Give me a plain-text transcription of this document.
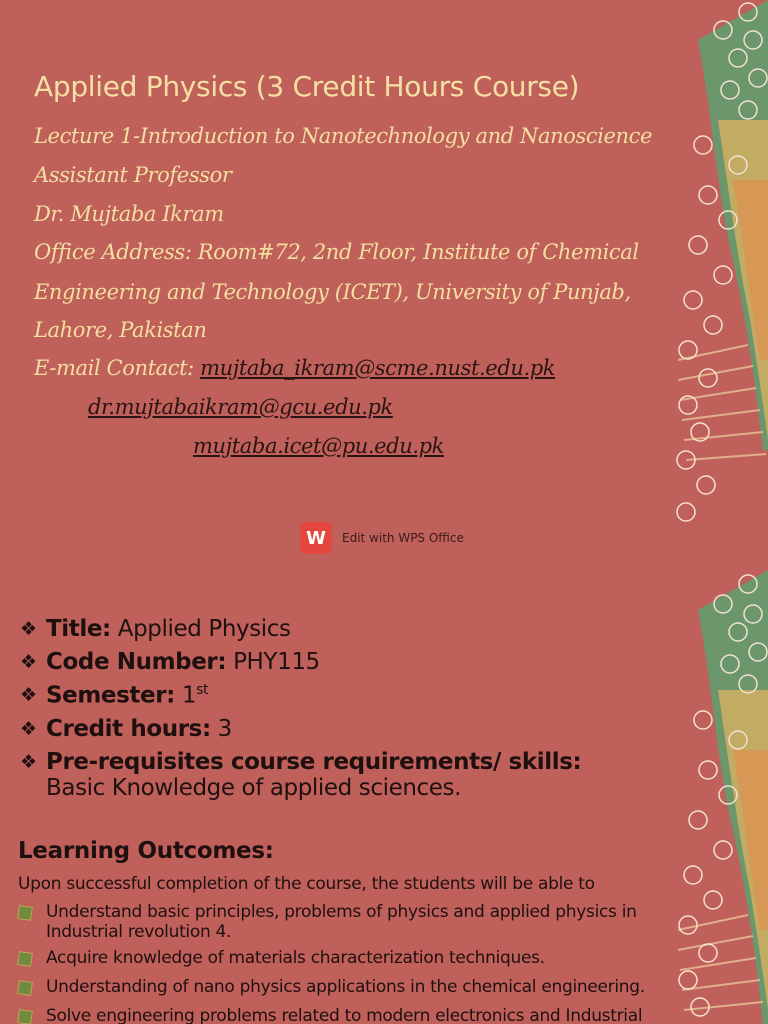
Applied Physics (3 Credit Hours Course)
Lecture 1-Introduction to Nanotechnology and Nanoscience
Assistant Professor
Dr. Mujtaba Ikram
Office Address: Room#72, 2nd Floor, Institute of Chemical
Engineering and Technology (ICET), University of Punjab,
Lahore, Pakistan
E-mail Contact: mujtaba_ikram@scme.nust.edu.pk
dr.mujtabaikram@gcu.edu.pk
mujtaba.icet@pu.edu.pk
W	Edit with WPS Office
❖ Title: Applied Physics
❖ Code Number: PHY115
❖ Semester: 1st
❖ Credit hours: 3
❖ Pre-requisites course requirements/ skills: Basic Knowledge of applied sciences.
Learning Outcomes:
Upon successful completion of the course, the students will be able to
Understand basic principles, problems of physics and applied physics in Industrial revolution 4.
Acquire knowledge of materials characterization techniques.
Understanding of nano physics applications in the chemical engineering.
Solve engineering problems related to modern electronics and Industrial
